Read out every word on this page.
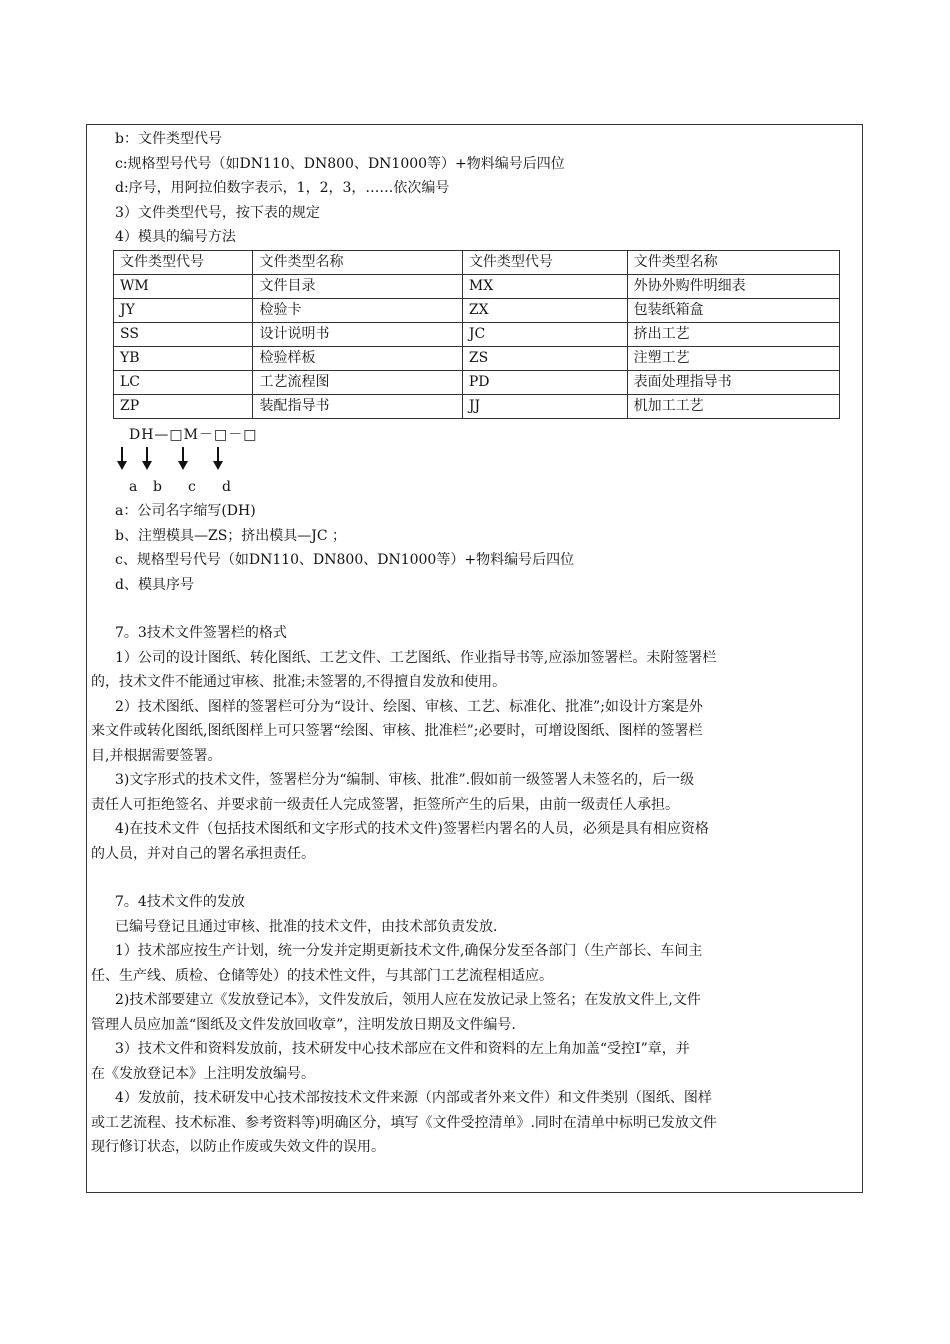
b：文件类型代号
c:规格型号代号（如DN110、DN800、DN1000等）+物料编号后四位
d:序号，用阿拉伯数字表示，1，2，3，……依次编号
3）文件类型代号，按下表的规定
4）模具的编号方法
文件类型代号	文件类型名称	文件类型代号	文件类型名称
WM	文件目录	MX	外协外购件明细表
JY	检验卡	ZX	包装纸箱盒
SS	设计说明书	JC	挤出工艺
YB	检验样板	ZS	注塑工艺
LC	工艺流程图	PD	表面处理指导书
ZP	装配指导书	JJ	机加工工艺
DH—□M－□－□
a b c d
a：公司名字缩写(DH)
b、注塑模具—ZS；挤出模具—JC ；
c、规格型号代号（如DN110、DN800、DN1000等）+物料编号后四位
d、模具序号
7。3技术文件签署栏的格式
1）公司的设计图纸、转化图纸、工艺文件、工艺图纸、作业指导书等,应添加签署栏。未附签署栏
的，技术文件不能通过审核、批准;未签署的,不得擅自发放和使用。
2）技术图纸、图样的签署栏可分为“设计、绘图、审核、工艺、标准化、批准”;如设计方案是外
来文件或转化图纸,图纸图样上可只签署“绘图、审核、批准栏”;必要时，可增设图纸、图样的签署栏
目,并根据需要签署。
3)文字形式的技术文件，签署栏分为“编制、审核、批准”.假如前一级签署人未签名的，后一级
责任人可拒绝签名、并要求前一级责任人完成签署，拒签所产生的后果，由前一级责任人承担。
4)在技术文件（包括技术图纸和文字形式的技术文件)签署栏内署名的人员，必须是具有相应资格
的人员，并对自己的署名承担责任。
7。4技术文件的发放
已编号登记且通过审核、批准的技术文件，由技术部负责发放.
1）技术部应按生产计划，统一分发并定期更新技术文件,确保分发至各部门（生产部长、车间主
任、生产线、质检、仓储等处）的技术性文件，与其部门工艺流程相适应。
2)技术部要建立《发放登记本》，文件发放后，领用人应在发放记录上签名；在发放文件上,文件
管理人员应加盖“图纸及文件发放回收章”，注明发放日期及文件编号.
3）技术文件和资料发放前，技术研发中心技术部应在文件和资料的左上角加盖“受控Ⅰ”章，并
在《发放登记本》上注明发放编号。
4）发放前，技术研发中心技术部按技术文件来源（内部或者外来文件）和文件类别（图纸、图样
或工艺流程、技术标准、参考资料等)明确区分，填写《文件受控清单》.同时在清单中标明已发放文件
现行修订状态，以防止作废或失效文件的误用。
